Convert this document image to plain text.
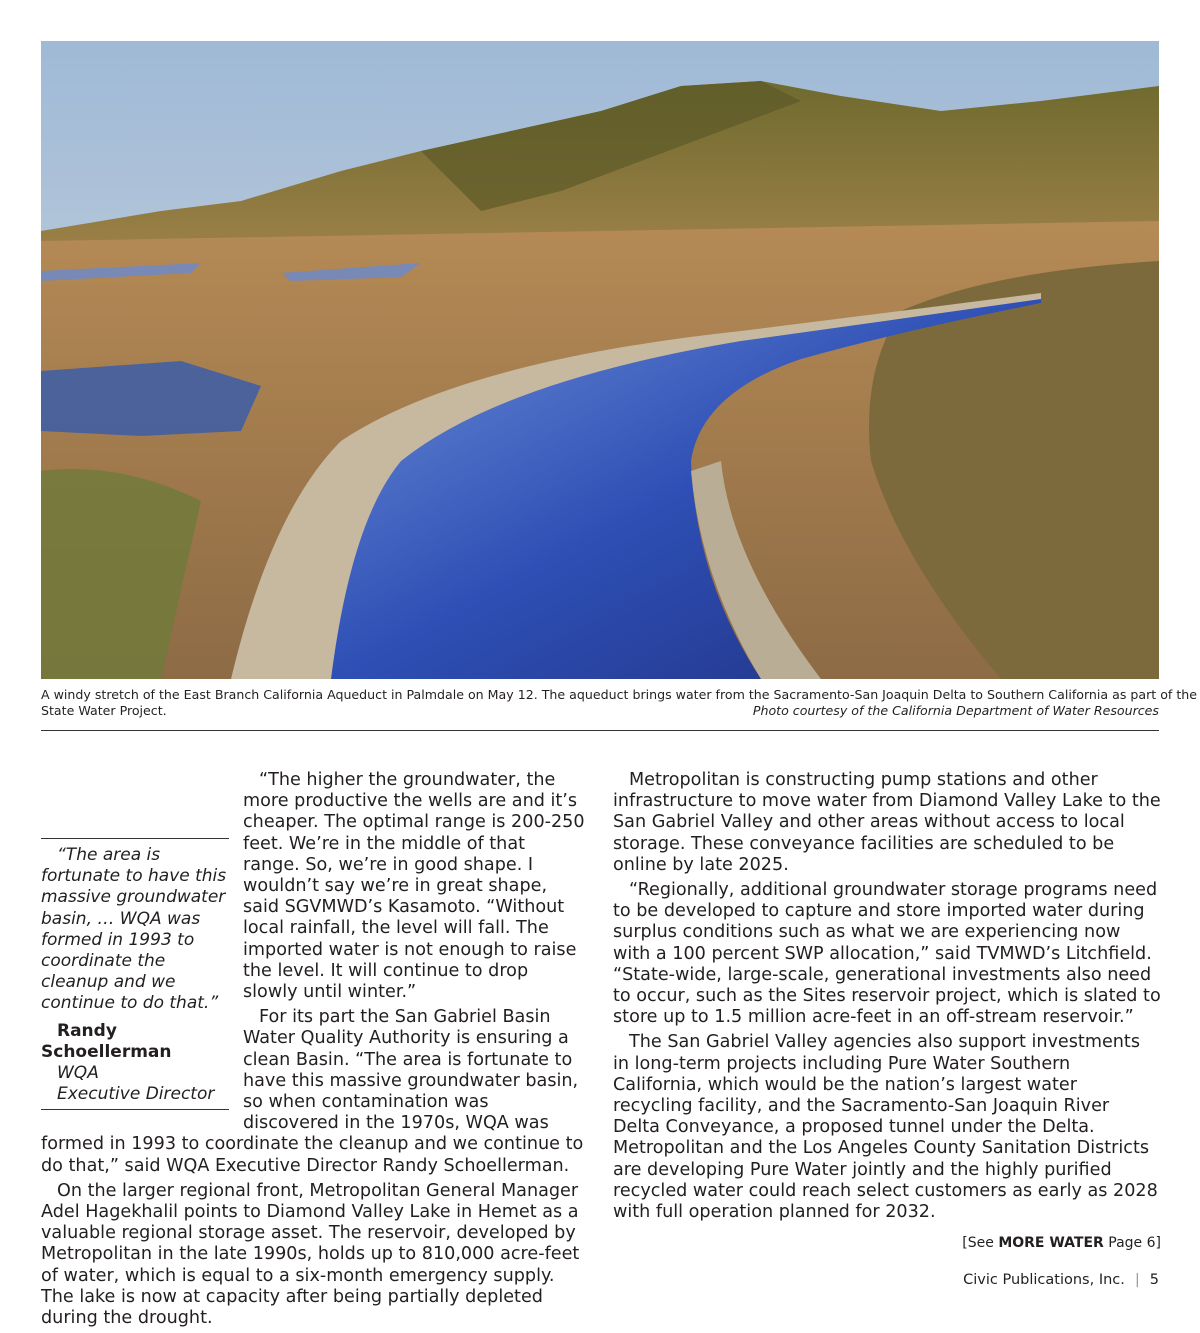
A windy stretch of the East Branch California Aqueduct in Palmdale on May 12. The aqueduct brings water from the Sacramento-San Joaquin Delta to Southern California as part of the
State Water Project.	Photo courtesy of the California Department of Water Resources

“The area is fortunate to have this massive groundwater basin, … WQA was formed in 1993 to coordinate the cleanup and we continue to do that.”

Randy Schoellerman

WQA

Executive Director

“The higher the groundwater, the more productive the wells are and it’s cheaper. The optimal range is 200-250 feet. We’re in the middle of that range. So, we’re in good shape. I wouldn’t say we’re in great shape, said SGVMWD’s Kasamoto. “Without local rainfall, the level will fall. The imported water is not enough to raise the level. It will continue to drop slowly until winter.”

For its part the San Gabriel Basin Water Quality Authority is ensuring a clean Basin. “The area is fortunate to have this massive groundwater basin, so when contamination was discovered in the 1970s, WQA was formed in 1993 to coordinate the cleanup and we continue to do that,” said WQA Executive Director Randy Schoellerman.

On the larger regional front, Metropolitan General Manager Adel Hagekhalil points to Diamond Valley Lake in Hemet as a valuable regional storage asset. The reservoir, developed by Metropolitan in the late 1990s, holds up to 810,000 acre-feet of water, which is equal to a six-month emergency supply. The lake is now at capacity after being partially depleted during the drought.

Metropolitan is constructing pump stations and other infrastructure to move water from Diamond Valley Lake to the San Gabriel Valley and other areas without access to local storage. These conveyance facilities are scheduled to be online by late 2025.

“Regionally, additional groundwater storage programs need to be developed to capture and store imported water during surplus conditions such as what we are experiencing now with a 100 percent SWP allocation,” said TVMWD’s Litchfield. “State-wide, large-scale, generational investments also need to occur, such as the Sites reservoir project, which is slated to store up to 1.5 million acre-feet in an off-stream reservoir.”

The San Gabriel Valley agencies also support investments in long-term projects including Pure Water Southern California, which would be the nation’s largest water recycling facility, and the Sacramento-San Joaquin River Delta Conveyance, a proposed tunnel under the Delta. Metropolitan and the Los Angeles County Sanitation Districts are developing Pure Water jointly and the highly purified recycled water could reach select customers as early as 2028 with full operation planned for 2032.

[See MORE WATER Page 6]
Civic Publications, Inc. | 5
